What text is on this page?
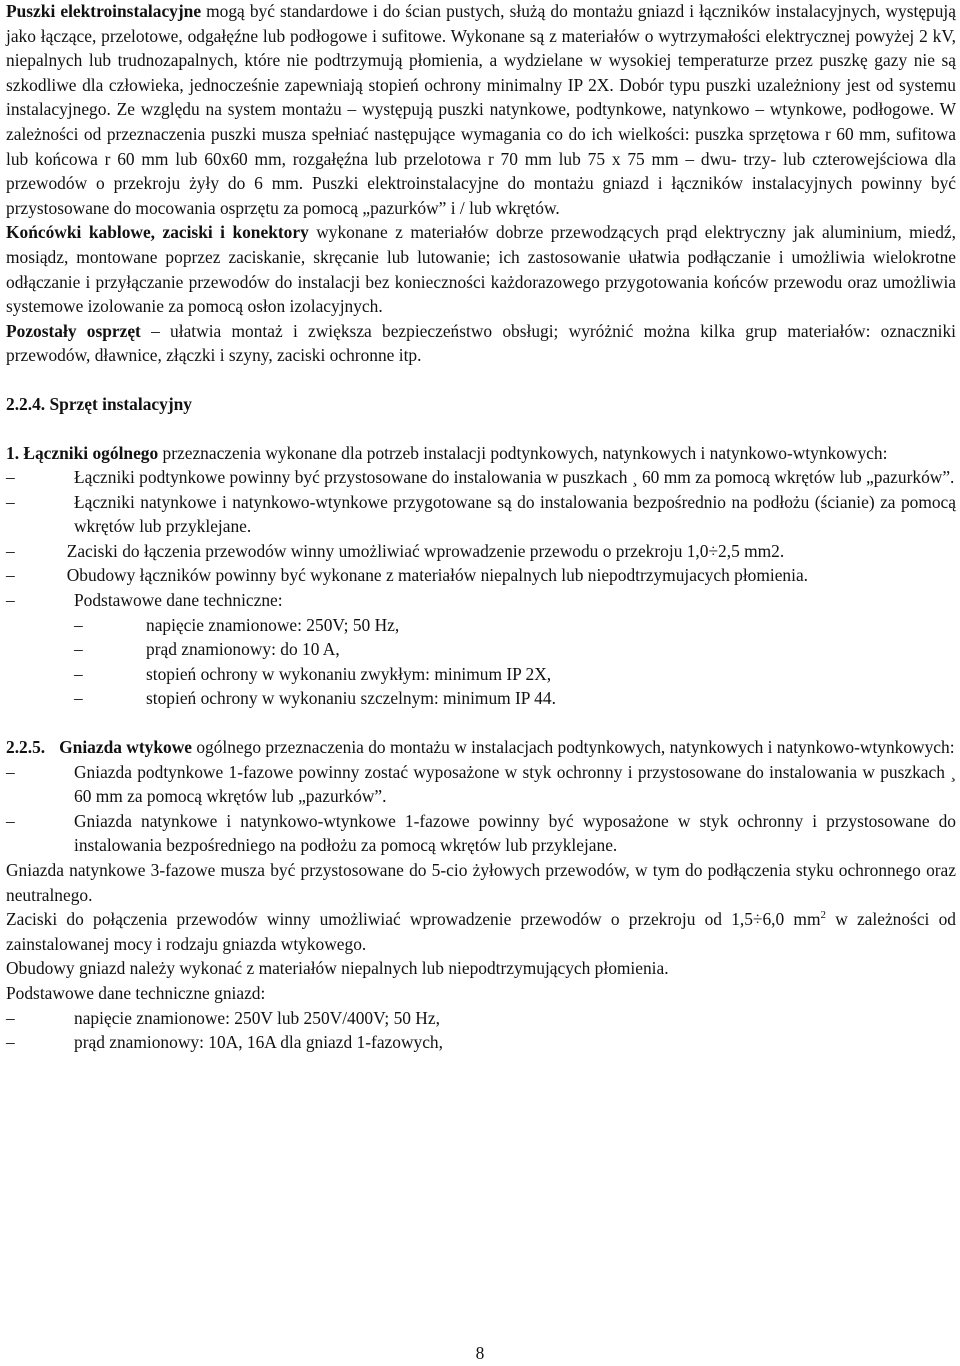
Puszki elektroinstalacyjne mogą być standardowe i do ścian pustych, służą do montażu gniazd i łączników instalacyjnych, występują jako łączące, przelotowe, odgałęźne lub podłogowe i sufitowe. Wykonane są z materiałów o wytrzymałości elektrycznej powyżej 2 kV, niepalnych lub trudnozapalnych, które nie podtrzymują płomienia, a wydzielane w wysokiej temperaturze przez puszkę gazy nie są szkodliwe dla człowieka, jednocześnie zapewniają stopień ochrony minimalny IP 2X. Dobór typu puszki uzależniony jest od systemu instalacyjnego. Ze względu na system montażu – występują puszki natynkowe, podtynkowe, natynkowo – wtynkowe, podłogowe. W zależności od przeznaczenia puszki musza spełniać następujące wymagania co do ich wielkości: puszka sprzętowa r 60 mm, sufitowa lub końcowa r 60 mm lub 60x60 mm, rozgałęźna lub przelotowa r 70 mm lub 75 x 75 mm – dwu- trzy- lub czterowejściowa dla przewodów o przekroju żyły do 6 mm. Puszki elektroinstalacyjne do montażu gniazd i łączników instalacyjnych powinny być przystosowane do mocowania osprzętu za pomocą „pazurków” i / lub wkrętów.

Końcówki kablowe, zaciski i konektory wykonane z materiałów dobrze przewodzących prąd elektryczny jak aluminium, miedź, mosiądz, montowane poprzez zaciskanie, skręcanie lub lutowanie; ich zastosowanie ułatwia podłączanie i umożliwia wielokrotne odłączanie i przyłączanie przewodów do instalacji bez konieczności każdorazowego przygotowania końców przewodu oraz umożliwia systemowe izolowanie za pomocą osłon izolacyjnych.

Pozostały osprzęt – ułatwia montaż i zwiększa bezpieczeństwo obsługi; wyróżnić można kilka grup materiałów: oznaczniki przewodów, dławnice, złączki i szyny, zaciski ochronne itp.

2.2.4. Sprzęt instalacyjny

1. Łączniki ogólnego przeznaczenia wykonane dla potrzeb instalacji podtynkowych, natynkowych i natynkowo-wtynkowych:

–	Łączniki podtynkowe powinny być przystosowane do instalowania w puszkach ¸ 60 mm za pomocą wkrętów lub „pazurków”.
–	Łączniki natynkowe i natynkowo-wtynkowe przygotowane są do instalowania bezpośrednio na podłożu (ścianie) za pomocą wkrętów lub przyklejane.

–	Zaciski do łączenia przewodów winny umożliwiać wprowadzenie przewodu o przekroju 1,0÷2,5 mm2.

–	Obudowy łączników powinny być wykonane z materiałów niepalnych lub niepodtrzymujacych płomienia.

–	Podstawowe dane techniczne:
–	napięcie znamionowe: 250V; 50 Hz,
–	prąd znamionowy: do 10 A,
–	stopień ochrony w wykonaniu zwykłym: minimum IP 2X,
–	stopień ochrony w wykonaniu szczelnym: minimum IP 44.

2.2.5. Gniazda wtykowe ogólnego przeznaczenia do montażu w instalacjach podtynkowych, natynkowych i natynkowo-wtynkowych:

–	Gniazda podtynkowe 1-fazowe powinny zostać wyposażone w styk ochronny i przystosowane do instalowania w puszkach ¸ 60 mm za pomocą wkrętów lub „pazurków”.
–	Gniazda natynkowe i natynkowo-wtynkowe 1-fazowe powinny być wyposażone w styk ochronny i przystosowane do instalowania bezpośredniego na podłożu za pomocą wkrętów lub przyklejane.

Gniazda natynkowe 3-fazowe musza być przystosowane do 5-cio żyłowych przewodów, w tym do podłączenia styku ochronnego oraz neutralnego.

Zaciski do połączenia przewodów winny umożliwiać wprowadzenie przewodów o przekroju od 1,5÷6,0 $mm^2$ w zależności od zainstalowanej mocy i rodzaju gniazda wtykowego.

Obudowy gniazd należy wykonać z materiałów niepalnych lub niepodtrzymujących płomienia.

Podstawowe dane techniczne gniazd:

–	napięcie znamionowe: 250V lub 250V/400V; 50 Hz,
–	prąd znamionowy: 10A, 16A dla gniazd 1-fazowych,
8
